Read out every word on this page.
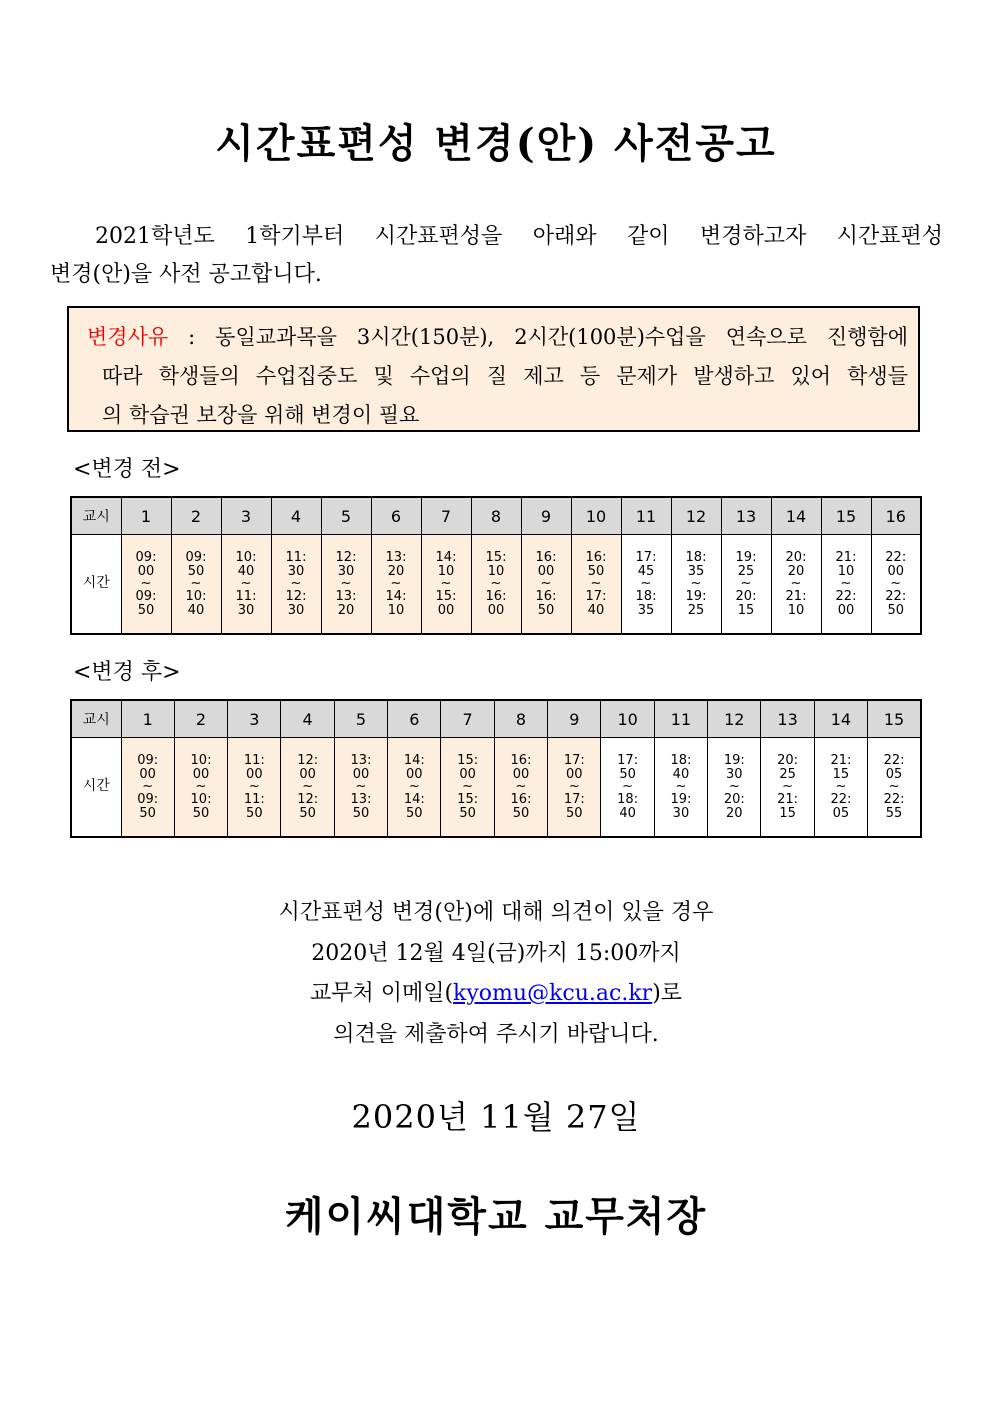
시간표편성 변경(안) 사전공고
2021학년도 1학기부터 시간표편성을 아래와 같이 변경하고자 시간표편성
변경(안)을 사전 공고합니다.
변경사유 : 동일교과목을 3시간(150분), 2시간(100분)수업을 연속으로 진행함에
따라 학생들의 수업집중도 및 수업의 질 제고 등 문제가 발생하고 있어 학생들
의 학습권 보장을 위해 변경이 필요
<변경 전>
교시	1	2	3	4	5	6	7	8	9	10	11	12	13	14	15	16
시간	09:
00
~
09:
50	09:
50
~
10:
40	10:
40
~
11:
30	11:
30
~
12:
30	12:
30
~
13:
20	13:
20
~
14:
10	14:
10
~
15:
00	15:
10
~
16:
00	16:
00
~
16:
50	16:
50
~
17:
40	17:
45
~
18:
35	18:
35
~
19:
25	19:
25
~
20:
15	20:
20
~
21:
10	21:
10
~
22:
00	22:
00
~
22:
50
<변경 후>
교시	1	2	3	4	5	6	7	8	9	10	11	12	13	14	15
시간	09:
00
~
09:
50	10:
00
~
10:
50	11:
00
~
11:
50	12:
00
~
12:
50	13:
00
~
13:
50	14:
00
~
14:
50	15:
00
~
15:
50	16:
00
~
16:
50	17:
00
~
17:
50	17:
50
~
18:
40	18:
40
~
19:
30	19:
30
~
20:
20	20:
25
~
21:
15	21:
15
~
22:
05	22:
05
~
22:
55
시간표편성 변경(안)에 대해 의견이 있을 경우
2020년 12월 4일(금)까지 15:00까지
교무처 이메일(kyomu@kcu.ac.kr)로
의견을 제출하여 주시기 바랍니다.
2020년 11월 27일
케이씨대학교 교무처장
